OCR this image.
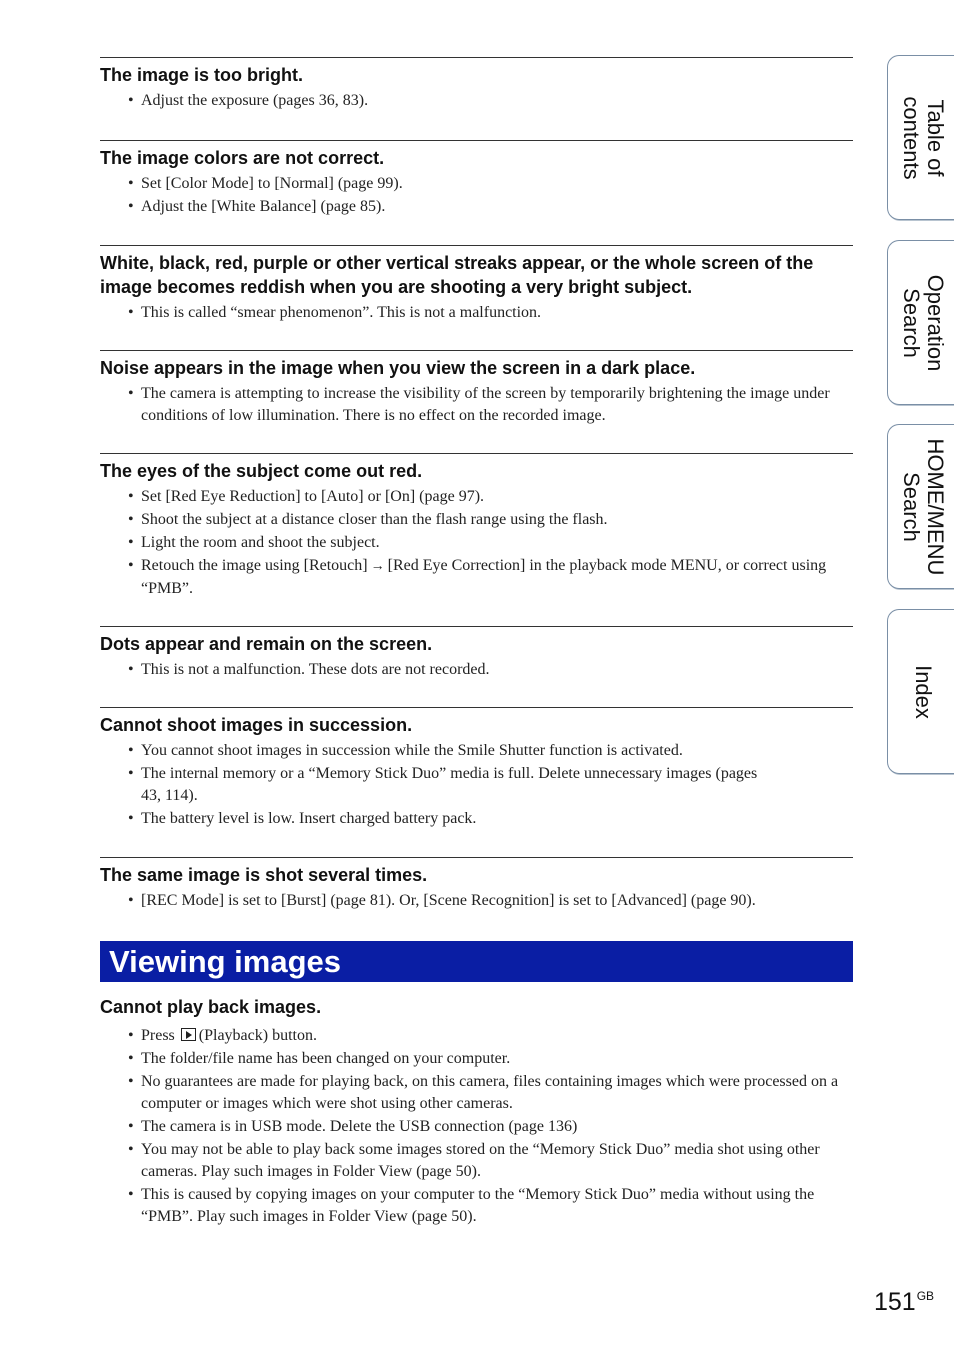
The image is too bright.
• Adjust the exposure (pages 36, 83).
The image colors are not correct.
• Set [Color Mode] to [Normal] (page 99).
• Adjust the [White Balance] (page 85).
White, black, red, purple or other vertical streaks appear, or the whole screen of the image becomes reddish when you are shooting a very bright subject.
• This is called “smear phenomenon”. This is not a malfunction.
Noise appears in the image when you view the screen in a dark place.
• The camera is attempting to increase the visibility of the screen by temporarily brightening the image under conditions of low illumination. There is no effect on the recorded image.
The eyes of the subject come out red.
• Set [Red Eye Reduction] to [Auto] or [On] (page 97).
• Shoot the subject at a distance closer than the flash range using the flash.
• Light the room and shoot the subject.
• Retouch the image using [Retouch] → [Red Eye Correction] in the playback mode MENU, or correct using “PMB”.
Dots appear and remain on the screen.
• This is not a malfunction. These dots are not recorded.
Cannot shoot images in succession.
• You cannot shoot images in succession while the Smile Shutter function is activated.
• The internal memory or a “Memory Stick Duo” media is full. Delete unnecessary images (pages 43, 114).
• The battery level is low. Insert charged battery pack.
The same image is shot several times.
• [REC Mode] is set to [Burst] (page 81). Or, [Scene Recognition] is set to [Advanced] (page 90).
Viewing images
Cannot play back images.
• Press (Playback) button.
• The folder/file name has been changed on your computer.
• No guarantees are made for playing back, on this camera, files containing images which were processed on a computer or images which were shot using other cameras.
• The camera is in USB mode. Delete the USB connection (page 136)
• You may not be able to play back some images stored on the “Memory Stick Duo” media shot using other cameras. Play such images in Folder View (page 50).
• This is caused by copying images on your computer to the “Memory Stick Duo” media without using the “PMB”. Play such images in Folder View (page 50).
Table of
contents
Operation
Search
HOME/MENU
Search
Index
$151^{GB}$
